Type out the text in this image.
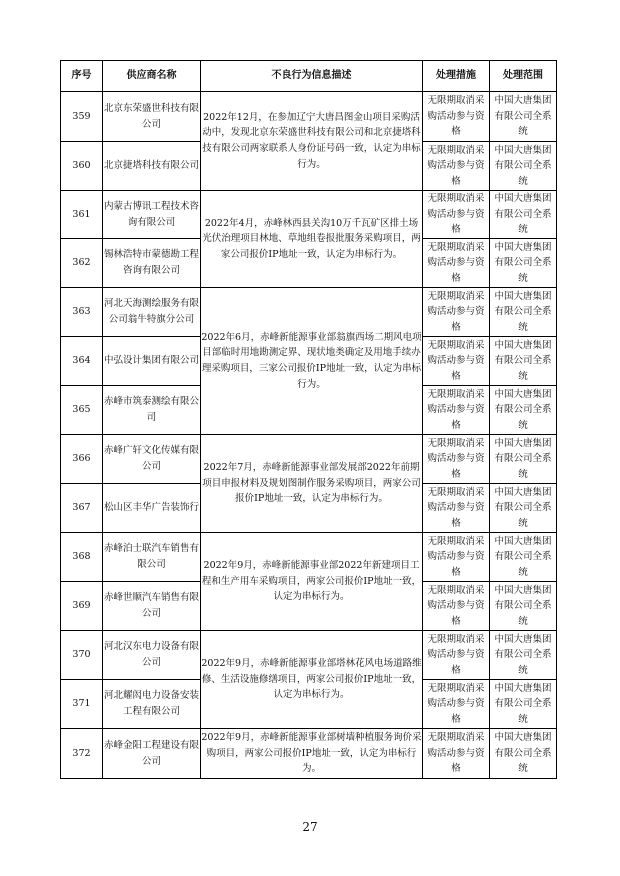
序号	供应商名称	不良行为信息描述	处理措施	处理范围
359	北京东荣盛世科技有限公司	2022年12月，在参加辽宁大唐昌图金山项目采购活动中，发现北京东荣盛世科技有限公司和北京捷塔科技有限公司两家联系人身份证号码一致，认定为串标行为。	无限期取消采购活动参与资格	中国大唐集团有限公司全系统
360	北京捷塔科技有限公司		无限期取消采购活动参与资格	中国大唐集团有限公司全系统
361	内蒙古博讯工程技术咨询有限公司	2022年4月，赤峰林西县关沟10万千瓦矿区排土场光伏治理项目林地、草地组卷报批服务采购项目，两家公司报价IP地址一致，认定为串标行为。	无限期取消采购活动参与资格	中国大唐集团有限公司全系统
362	锡林浩特市蒙德勘工程咨询有限公司		无限期取消采购活动参与资格	中国大唐集团有限公司全系统
363	河北天海测绘服务有限公司翁牛特旗分公司	2022年6月，赤峰新能源事业部翁旗西场二期风电项目部临时用地勘测定界、现状地类确定及用地手续办理采购项目，三家公司报价IP地址一致，认定为串标行为。	无限期取消采购活动参与资格	中国大唐集团有限公司全系统
364	中弘设计集团有限公司		无限期取消采购活动参与资格	中国大唐集团有限公司全系统
365	赤峰市筑泰测绘有限公司		无限期取消采购活动参与资格	中国大唐集团有限公司全系统
366	赤峰广轩文化传媒有限公司	2022年7月，赤峰新能源事业部发展部2022年前期项目申报材料及规划图制作服务采购项目，两家公司报价IP地址一致，认定为串标行为。	无限期取消采购活动参与资格	中国大唐集团有限公司全系统
367	松山区丰华广告装饰行		无限期取消采购活动参与资格	中国大唐集团有限公司全系统
368	赤峰泊士联汽车销售有限公司	2022年9月，赤峰新能源事业部2022年新建项目工程和生产用车采购项目，两家公司报价IP地址一致，认定为串标行为。	无限期取消采购活动参与资格	中国大唐集团有限公司全系统
369	赤峰世顺汽车销售有限公司		无限期取消采购活动参与资格	中国大唐集团有限公司全系统
370	河北汉东电力设备有限公司	2022年9月，赤峰新能源事业部塔林花风电场道路维修、生活设施修缮项目，两家公司报价IP地址一致，认定为串标行为。	无限期取消采购活动参与资格	中国大唐集团有限公司全系统
371	河北耀闳电力设备安装工程有限公司		无限期取消采购活动参与资格	中国大唐集团有限公司全系统
372	赤峰金阳工程建设有限公司	2022年9月，赤峰新能源事业部树墙种植服务询价采购项目，两家公司报价IP地址一致，认定为串标行为。	无限期取消采购活动参与资格	中国大唐集团有限公司全系统
27
